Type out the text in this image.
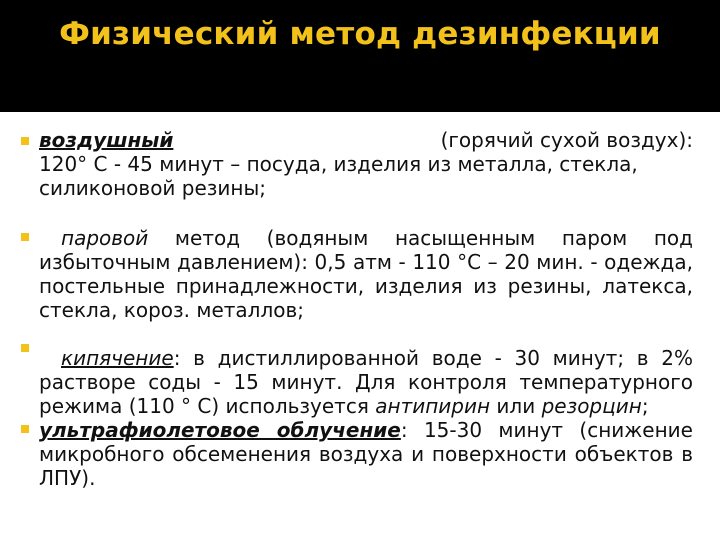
Физический метод дезинфекции
воздушный	(горячий сухой воздух):
120° С - 45 минут – посуда, изделия из металла, стекла,
силиконовой резины;
паровой метод (водяным насыщенным паром под избыточным давлением): 0,5 атм - 110 °С – 20 мин. - одежда, постельные принадлежности, изделия из резины, латекса, стекла, короз. металлов;
кипячение: в дистиллированной воде - 30 минут; в 2% растворе соды - 15 минут. Для контроля температурного режима (110 ° С) используется антипирин или резорцин;
ультрафиолетовое облучение: 15-30 минут (снижение микробного обсеменения воздуха и поверхности объектов в ЛПУ).
